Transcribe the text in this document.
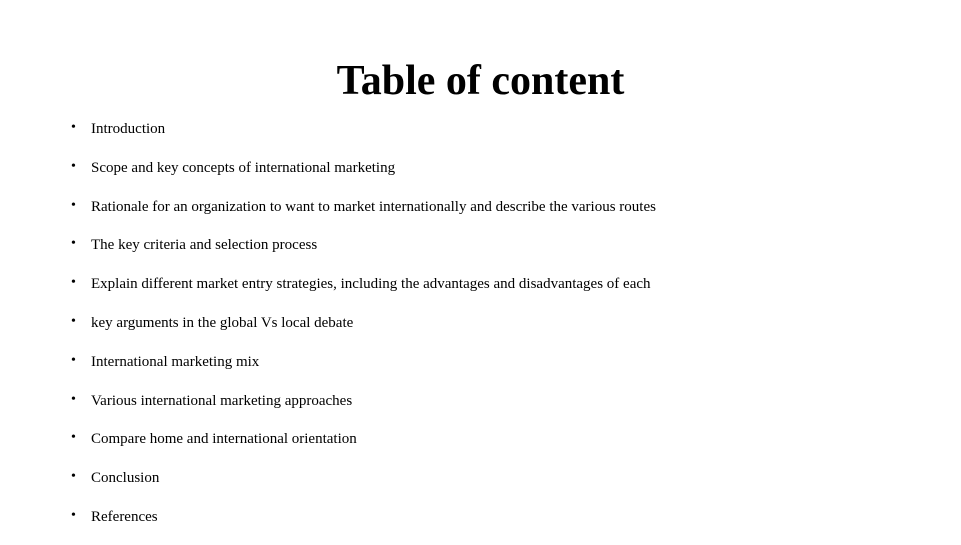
Table of content
•	Introduction
•	Scope and key concepts of international marketing
•	Rationale for an organization to want to market internationally and describe the various routes
•	The key criteria and selection process
•	Explain different market entry strategies, including the advantages and disadvantages of each
•	key arguments in the global Vs local debate
•	International marketing mix
•	Various international marketing approaches
•	Compare home and international orientation
•	Conclusion
•	References
